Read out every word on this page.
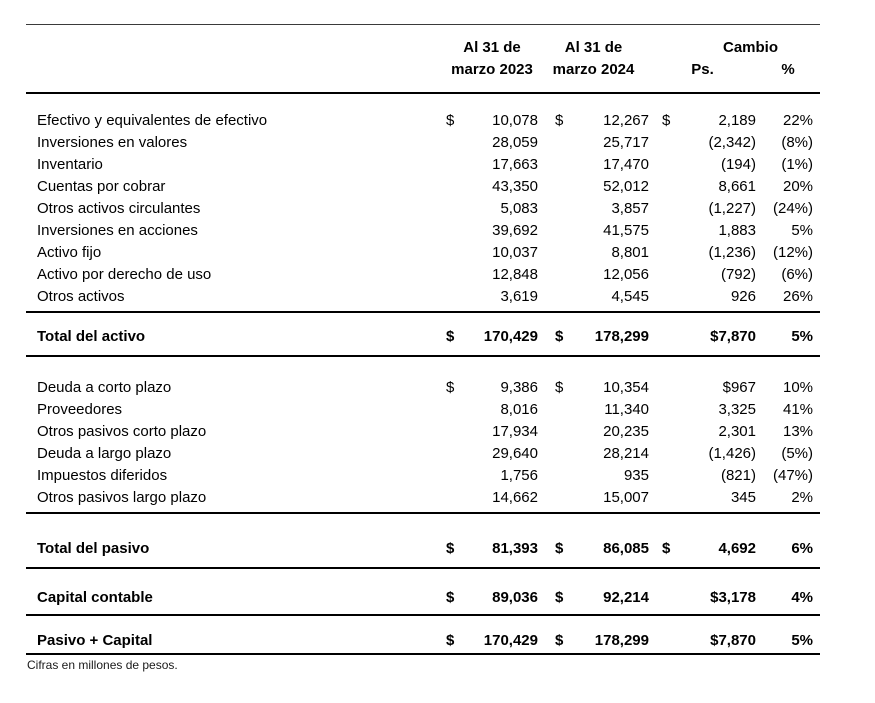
	Al 31 de		Al 31 de		Cambio		
	marzo 2023		marzo 2024		Ps.		%
Efectivo y equivalentes de efectivo	$	10,078	$	12,267	$	2,189	22%
Inversiones en valores		28,059		25,717		(2,342)	(8%)
Inventario		17,663		17,470		(194)	(1%)
Cuentas por cobrar		43,350		52,012		8,661	20%
Otros activos circulantes		5,083		3,857		(1,227)	(24%)
Inversiones en acciones		39,692		41,575		1,883	5%
Activo fijo		10,037		8,801		(1,236)	(12%)
Activo por derecho de uso		12,848		12,056		(792)	(6%)
Otros activos		3,619		4,545		926	26%
Total del activo	$	170,429	$	178,299		$7,870	5%
Deuda a corto plazo	$	9,386	$	10,354		$967	10%
Proveedores		8,016		11,340		3,325	41%
Otros pasivos corto plazo		17,934		20,235		2,301	13%
Deuda a largo plazo		29,640		28,214		(1,426)	(5%)
Impuestos diferidos		1,756		935		(821)	(47%)
Otros pasivos largo plazo		14,662		15,007		345	2%
Total del pasivo	$	81,393	$	86,085	$	4,692	6%
Capital contable	$	89,036	$	92,214		$3,178	4%
Pasivo + Capital	$	170,429	$	178,299		$7,870	5%
Cifras en millones de pesos.
